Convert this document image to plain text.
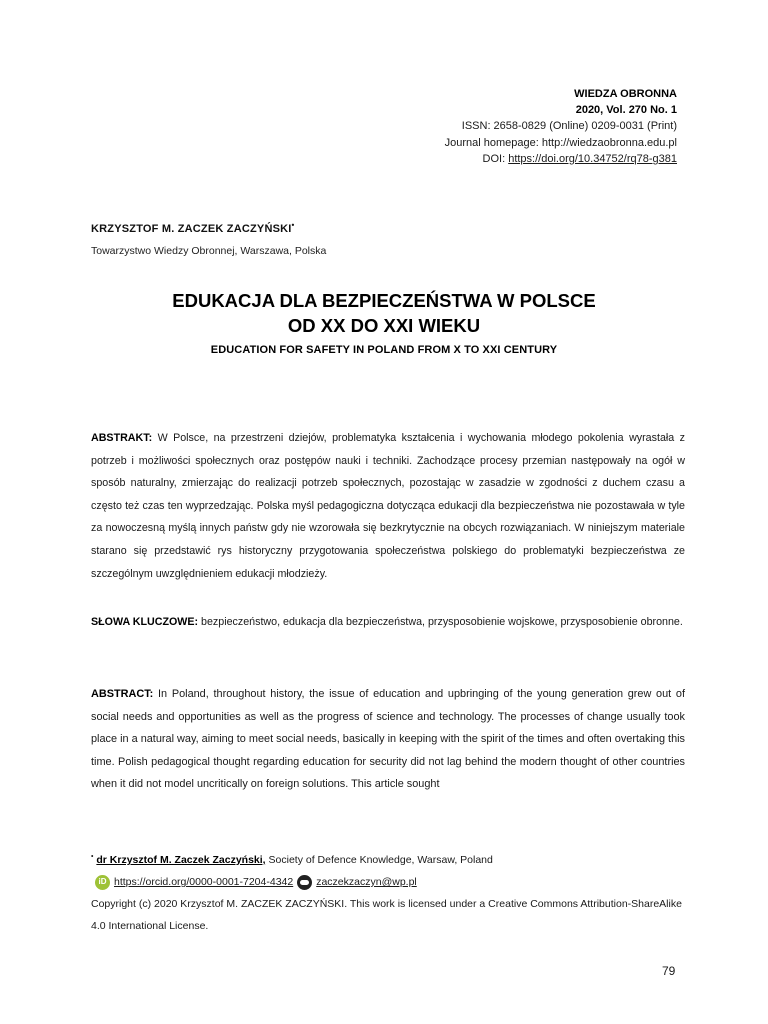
WIEDZA OBRONNA
2020, Vol. 270 No. 1
ISSN: 2658-0829 (Online) 0209-0031 (Print)
Journal homepage: http://wiedzaobronna.edu.pl
DOI: https://doi.org/10.34752/rq78-g381
KRZYSZTOF M. ZACZEK ZACZYŃSKI•
Towarzystwo Wiedzy Obronnej, Warszawa, Polska
EDUKACJA DLA BEZPIECZEŃSTWA W POLSCE
OD XX DO XXI WIEKU
EDUCATION FOR SAFETY IN POLAND FROM X TO XXI CENTURY
ABSTRAKT: W Polsce, na przestrzeni dziejów, problematyka kształcenia i wychowania młodego pokolenia wyrastała z potrzeb i możliwości społecznych oraz postępów nauki i techniki. Zachodzące procesy przemian następowały na ogół w sposób naturalny, zmierzając do realizacji potrzeb społecznych, pozostając w zasadzie w zgodności z duchem czasu a często też czas ten wyprzedzając. Polska myśl pedagogiczna dotycząca edukacji dla bezpieczeństwa nie pozostawała w tyle za nowoczesną myślą innych państw gdy nie wzorowała się bezkrytycznie na obcych rozwiązaniach. W niniejszym materiale starano się przedstawić rys historyczny przygotowania społeczeństwa polskiego do problematyki bezpieczeństwa ze szczególnym uwzględnieniem edukacji młodzieży.
SŁOWA KLUCZOWE: bezpieczeństwo, edukacja dla bezpieczeństwa, przysposobienie wojskowe, przysposobienie obronne.
ABSTRACT: In Poland, throughout history, the issue of education and upbringing of the young generation grew out of social needs and opportunities as well as the progress of science and technology. The processes of change usually took place in a natural way, aiming to meet social needs, basically in keeping with the spirit of the times and often overtaking this time. Polish pedagogical thought regarding education for security did not lag behind the modern thought of other countries when it did not model uncritically on foreign solutions. This article sought
• dr Krzysztof M. Zaczek Zaczyński, Society of Defence Knowledge, Warsaw, Poland
iD https://orcid.org/0000-0001-7204-4342 zaczekzaczyn@wp.pl
Copyright (c) 2020 Krzysztof M. ZACZEK ZACZYŃSKI. This work is licensed under a Creative Commons Attribution-ShareAlike 4.0 International License.
79
